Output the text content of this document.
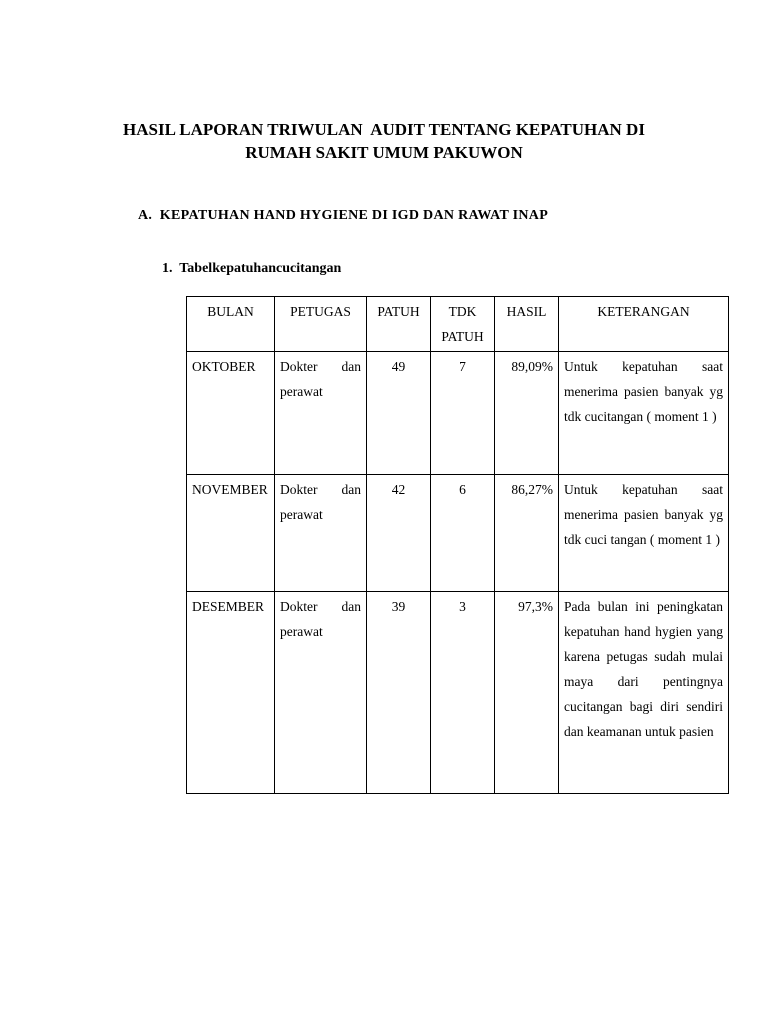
HASIL LAPORAN TRIWULAN  AUDIT TENTANG KEPATUHAN DI
RUMAH SAKIT UMUM PAKUWON
A.  KEPATUHAN HAND HYGIENE DI IGD DAN RAWAT INAP
1.  Tabelkepatuhancucitangan
BULAN	PETUGAS	PATUH	TDK PATUH	HASIL	KETERANGAN
OKTOBER	Dokter dan perawat	49	7	89,09%	Untuk kepatuhan saat menerima pasien banyak yg tdk cucitangan ( moment 1 )
NOVEMBER	Dokter dan perawat	42	6	86,27%	Untuk kepatuhan saat menerima pasien banyak yg tdk cuci tangan ( moment 1 )
DESEMBER	Dokter dan perawat	39	3	97,3%	Pada bulan ini peningkatan kepatuhan hand hygien yang karena petugas sudah mulai maya dari pentingnya cucitangan bagi diri sendiri dan keamanan untuk pasien
